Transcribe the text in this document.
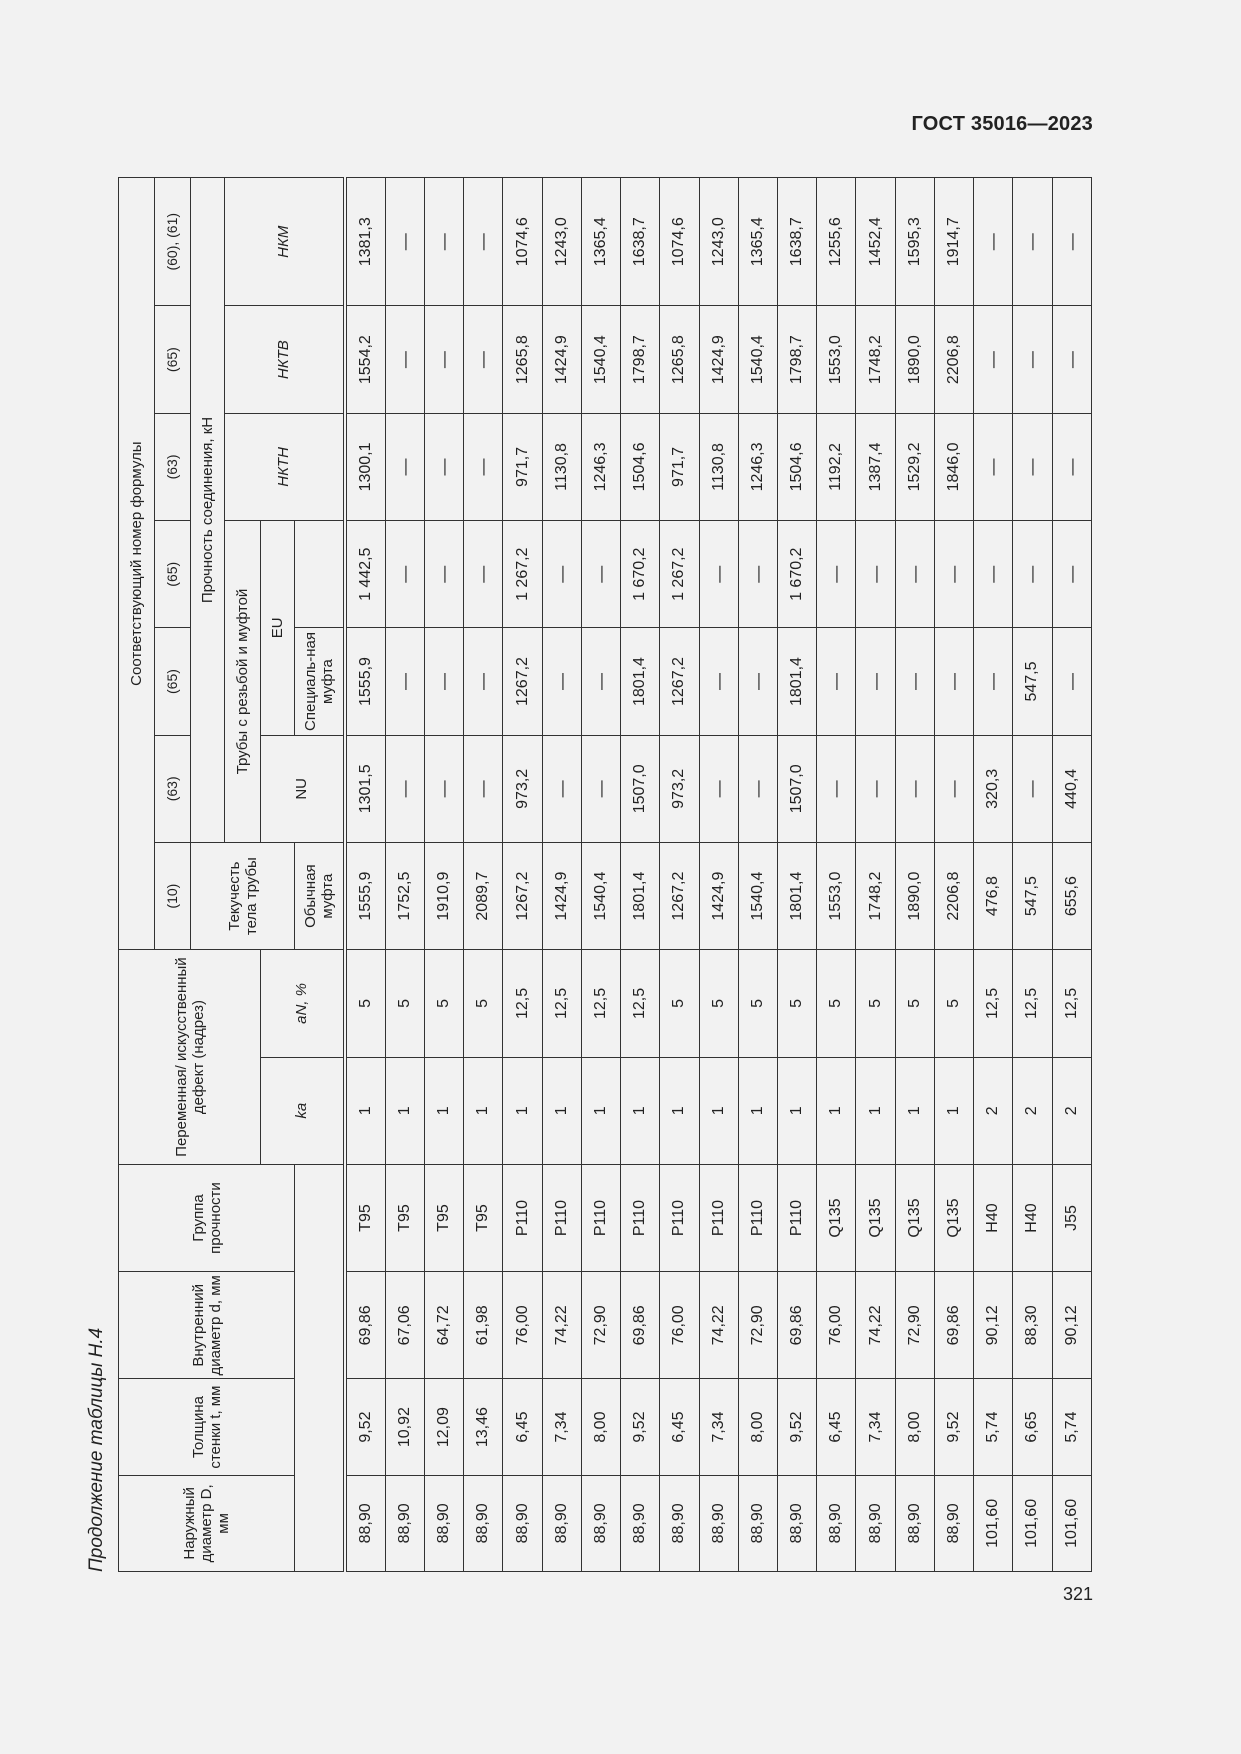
ГОСТ 35016—2023
Продолжение таблицы Н.4	Наружный диаметр D, мм	Толщина стенки t, мм	Внутренний диаметр d, мм	Группа прочности	Переменная/ искусственный дефект (надрез)		Соответствующий номер формулы						
						(10)	(63)	(65)	(65)	(63)	(65)	(60), (61)
						Текучесть тела трубы	Прочность соединения, кН					
							Трубы с резьбой и муфтой			НКТН	НКТВ	НКМ
				ka	aN, %		NU	EU				
						Обычная муфта		Специаль-ная муфта				
88,90	9,52	69,86	T95	1	5	1555,9	1301,5	1555,9	1 442,5	1300,1	1554,2	1381,3
88,90	10,92	67,06	T95	1	5	1752,5	—	—	—	—	—	—
88,90	12,09	64,72	T95	1	5	1910,9	—	—	—	—	—	—
88,90	13,46	61,98	T95	1	5	2089,7	—	—	—	—	—	—
88,90	6,45	76,00	P110	1	12,5	1267,2	973,2	1267,2	1 267,2	971,7	1265,8	1074,6
88,90	7,34	74,22	P110	1	12,5	1424,9	—	—	—	1130,8	1424,9	1243,0
88,90	8,00	72,90	P110	1	12,5	1540,4	—	—	—	1246,3	1540,4	1365,4
88,90	9,52	69,86	P110	1	12,5	1801,4	1507,0	1801,4	1 670,2	1504,6	1798,7	1638,7
88,90	6,45	76,00	P110	1	5	1267,2	973,2	1267,2	1 267,2	971,7	1265,8	1074,6
88,90	7,34	74,22	P110	1	5	1424,9	—	—	—	1130,8	1424,9	1243,0
88,90	8,00	72,90	P110	1	5	1540,4	—	—	—	1246,3	1540,4	1365,4
88,90	9,52	69,86	P110	1	5	1801,4	1507,0	1801,4	1 670,2	1504,6	1798,7	1638,7
88,90	6,45	76,00	Q135	1	5	1553,0	—	—	—	1192,2	1553,0	1255,6
88,90	7,34	74,22	Q135	1	5	1748,2	—	—	—	1387,4	1748,2	1452,4
88,90	8,00	72,90	Q135	1	5	1890,0	—	—	—	1529,2	1890,0	1595,3
88,90	9,52	69,86	Q135	1	5	2206,8	—	—	—	1846,0	2206,8	1914,7
101,60	5,74	90,12	H40	2	12,5	476,8	320,3	—	—	—	—	—
101,60	6,65	88,30	H40	2	12,5	547,5	—	547,5	—	—	—	—
101,60	5,74	90,12	J55	2	12,5	655,6	440,4	—	—	—	—	—
321
